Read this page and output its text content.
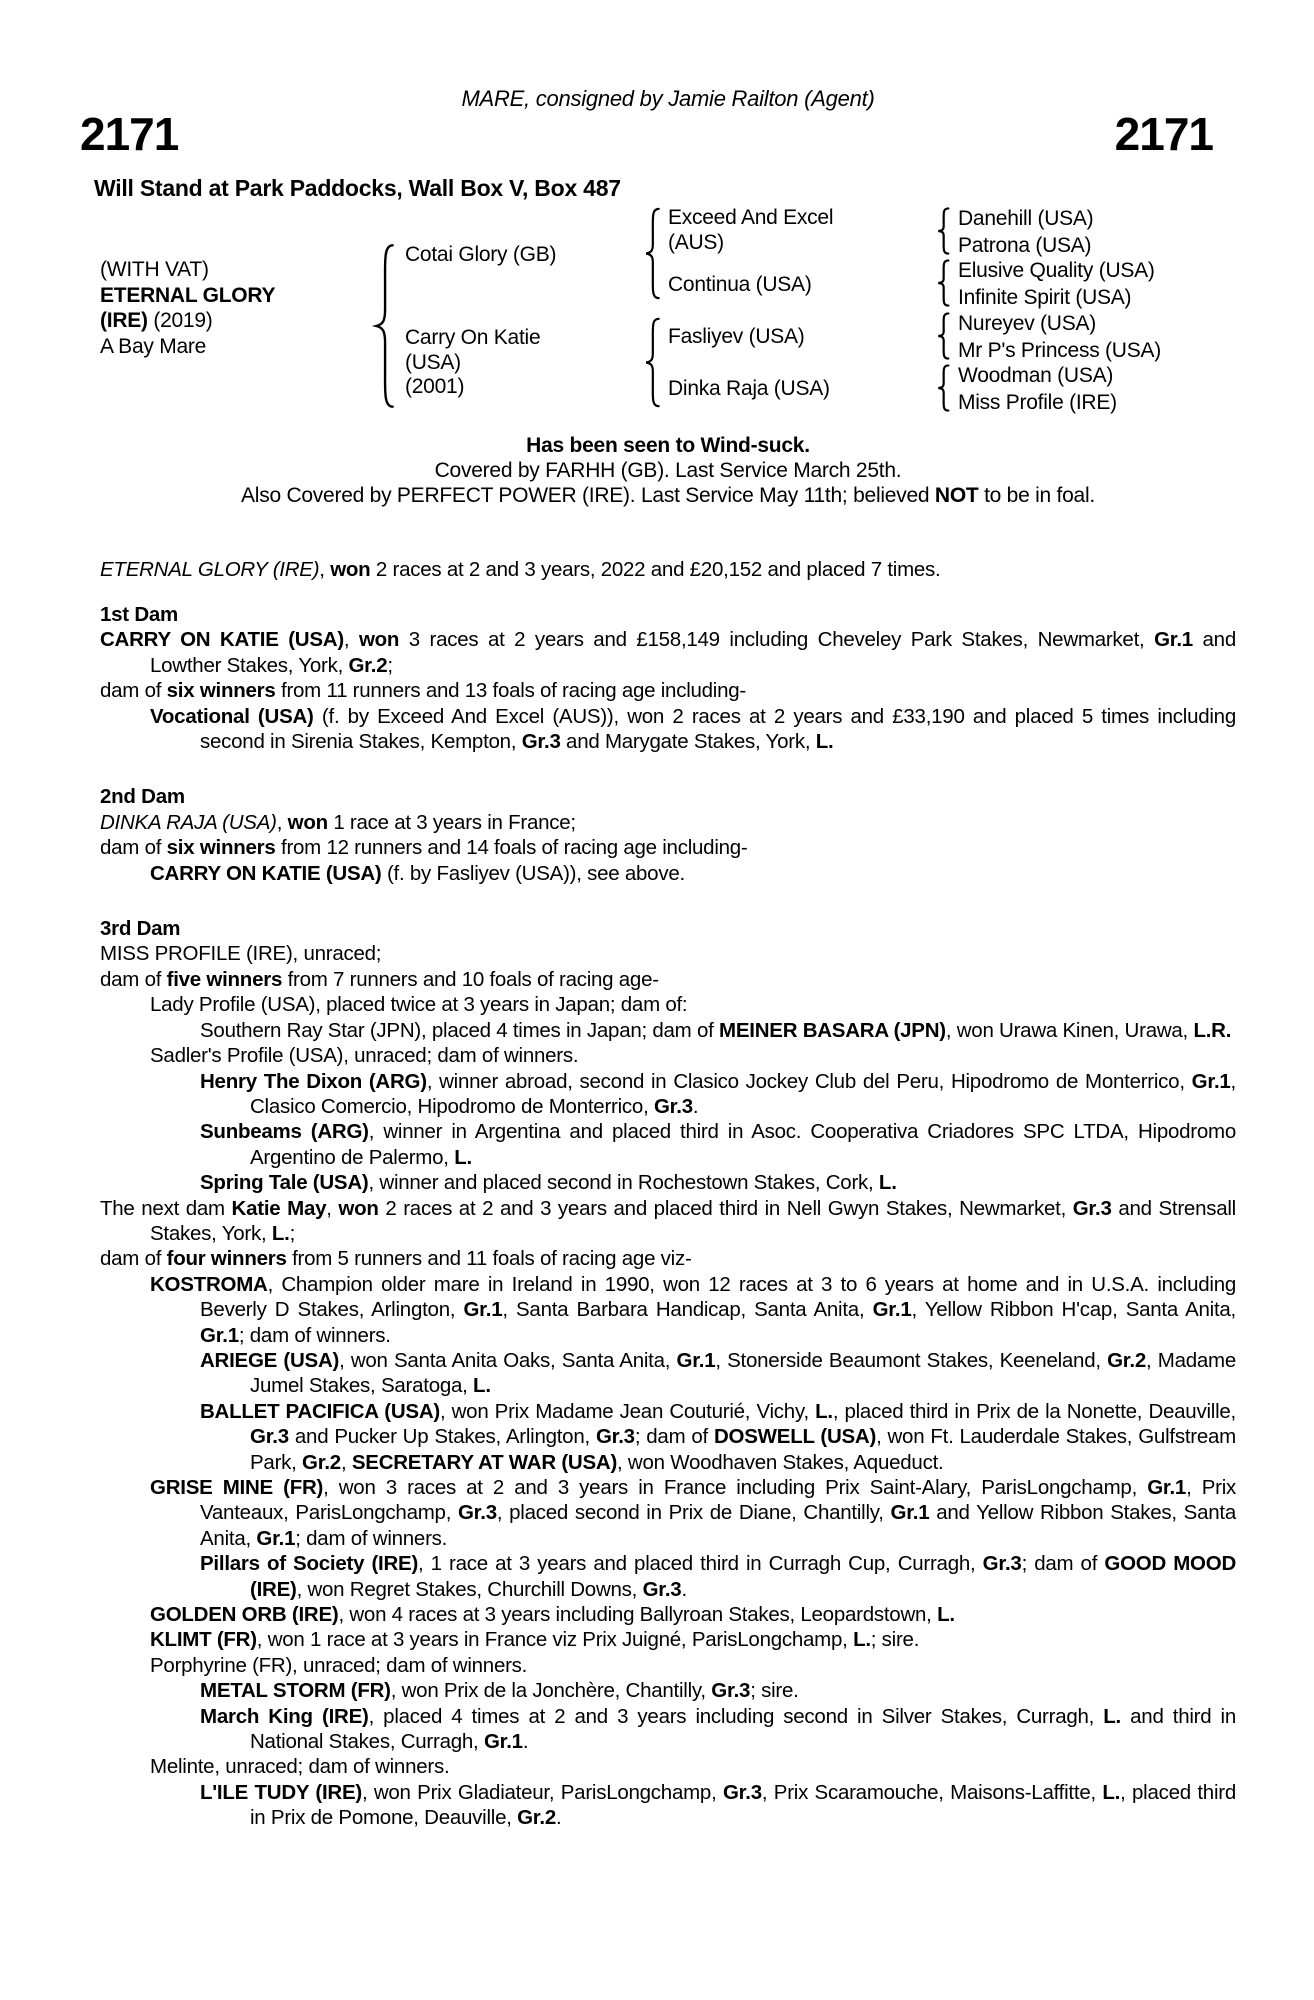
MARE, consigned by Jamie Railton (Agent)
2171	2171
Will Stand at Park Paddocks, Wall Box V, Box 487
(WITH VAT)
ETERNAL GLORY
(IRE) (2019)
A Bay Mare
Cotai Glory (GB)
Carry On Katie
(USA)
(2001)
Exceed And Excel
(AUS)
Continua (USA)
Fasliyev (USA)
Dinka Raja (USA)
Danehill (USA)
Patrona (USA)
Elusive Quality (USA)
Infinite Spirit (USA)
Nureyev (USA)
Mr P's Princess (USA)
Woodman (USA)
Miss Profile (IRE)
Has been seen to Wind-suck.
Covered by FARHH (GB). Last Service March 25th.
Also Covered by PERFECT POWER (IRE). Last Service May 11th; believed NOT to be in foal.
ETERNAL GLORY (IRE), won 2 races at 2 and 3 years, 2022 and £20,152 and placed 7 times.
1st Dam
CARRY ON KATIE (USA), won 3 races at 2 years and £158,149 including Cheveley Park Stakes, Newmarket, Gr.1 and Lowther Stakes, York, Gr.2;
dam of six winners from 11 runners and 13 foals of racing age including-
Vocational (USA) (f. by Exceed And Excel (AUS)), won 2 races at 2 years and £33,190 and placed 5 times including second in Sirenia Stakes, Kempton, Gr.3 and Marygate Stakes, York, L.
2nd Dam
DINKA RAJA (USA), won 1 race at 3 years in France;
dam of six winners from 12 runners and 14 foals of racing age including-
CARRY ON KATIE (USA) (f. by Fasliyev (USA)), see above.
3rd Dam
MISS PROFILE (IRE), unraced;
dam of five winners from 7 runners and 10 foals of racing age-
Lady Profile (USA), placed twice at 3 years in Japan; dam of:
Southern Ray Star (JPN), placed 4 times in Japan; dam of MEINER BASARA (JPN), won Urawa Kinen, Urawa, L.R.
Sadler's Profile (USA), unraced; dam of winners.
Henry The Dixon (ARG), winner abroad, second in Clasico Jockey Club del Peru, Hipodromo de Monterrico, Gr.1, Clasico Comercio, Hipodromo de Monterrico, Gr.3.
Sunbeams (ARG), winner in Argentina and placed third in Asoc. Cooperativa Criadores SPC LTDA, Hipodromo Argentino de Palermo, L.
Spring Tale (USA), winner and placed second in Rochestown Stakes, Cork, L.
The next dam Katie May, won 2 races at 2 and 3 years and placed third in Nell Gwyn Stakes, Newmarket, Gr.3 and Strensall Stakes, York, L.;
dam of four winners from 5 runners and 11 foals of racing age viz-
KOSTROMA, Champion older mare in Ireland in 1990, won 12 races at 3 to 6 years at home and in U.S.A. including Beverly D Stakes, Arlington, Gr.1, Santa Barbara Handicap, Santa Anita, Gr.1, Yellow Ribbon H'cap, Santa Anita, Gr.1; dam of winners.
ARIEGE (USA), won Santa Anita Oaks, Santa Anita, Gr.1, Stonerside Beaumont Stakes, Keeneland, Gr.2, Madame Jumel Stakes, Saratoga, L.
BALLET PACIFICA (USA), won Prix Madame Jean Couturié, Vichy, L., placed third in Prix de la Nonette, Deauville, Gr.3 and Pucker Up Stakes, Arlington, Gr.3; dam of DOSWELL (USA), won Ft. Lauderdale Stakes, Gulfstream Park, Gr.2, SECRETARY AT WAR (USA), won Woodhaven Stakes, Aqueduct.
GRISE MINE (FR), won 3 races at 2 and 3 years in France including Prix Saint-Alary, ParisLongchamp, Gr.1, Prix Vanteaux, ParisLongchamp, Gr.3, placed second in Prix de Diane, Chantilly, Gr.1 and Yellow Ribbon Stakes, Santa Anita, Gr.1; dam of winners.
Pillars of Society (IRE), 1 race at 3 years and placed third in Curragh Cup, Curragh, Gr.3; dam of GOOD MOOD (IRE), won Regret Stakes, Churchill Downs, Gr.3.
GOLDEN ORB (IRE), won 4 races at 3 years including Ballyroan Stakes, Leopardstown, L.
KLIMT (FR), won 1 race at 3 years in France viz Prix Juigné, ParisLongchamp, L.; sire.
Porphyrine (FR), unraced; dam of winners.
METAL STORM (FR), won Prix de la Jonchère, Chantilly, Gr.3; sire.
March King (IRE), placed 4 times at 2 and 3 years including second in Silver Stakes, Curragh, L. and third in National Stakes, Curragh, Gr.1.
Melinte, unraced; dam of winners.
L'ILE TUDY (IRE), won Prix Gladiateur, ParisLongchamp, Gr.3, Prix Scaramouche, Maisons-Laffitte, L., placed third in Prix de Pomone, Deauville, Gr.2.
